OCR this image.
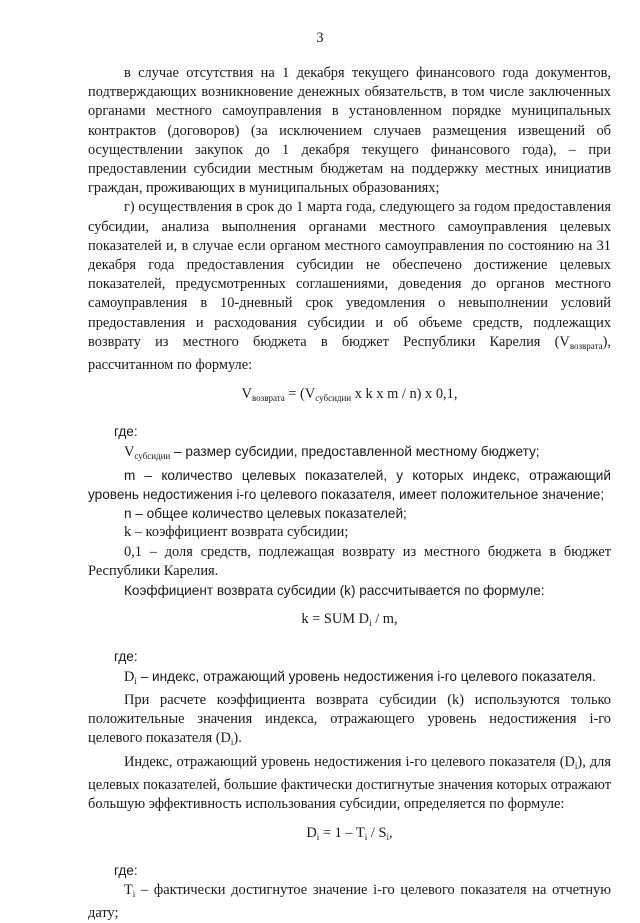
3

в случае отсутствия на 1 декабря текущего финансового года документов, подтверждающих возникновение денежных обязательств, в том числе заключенных органами местного самоуправления в установленном порядке муниципальных контрактов (договоров) (за исключением случаев размещения извещений об осуществлении закупок до 1 декабря текущего финансового года), – при предоставлении субсидии местным бюджетам на поддержку местных инициатив граждан, проживающих в муниципальных образованиях;

г) осуществления в срок до 1 марта года, следующего за годом предоставления субсидии, анализа выполнения органами местного самоуправления целевых показателей и, в случае если органом местного самоуправления по состоянию на 31 декабря года предоставления субсидии не обеспечено достижение целевых показателей, предусмотренных соглашениями, доведения до органов местного самоуправления в 10-дневный срок уведомления о невыполнении условий предоставления и расходования субсидии и об объеме средств, подлежащих возврату из местного бюджета в бюджет Республики Карелия $(V_{возврата})$, рассчитанном по формуле:

$V_{возврата} = (V_{субсидии}$ x k x m / n) x 0,1,

где:

$V_{субсидии}$ – размер субсидии, предоставленной местному бюджету;

m – количество целевых показателей, у которых индекс, отражающий уровень недостижения i-го целевого показателя, имеет положительное значение;

n – общее количество целевых показателей;

k – коэффициент возврата субсидии;

0,1 – доля средств, подлежащая возврату из местного бюджета в бюджет Республики Карелия.

Коэффициент возврата субсидии (k) рассчитывается по формуле:

k = SUM $D_i$ / m,

где:

$D_i$ – индекс, отражающий уровень недостижения i-го целевого показателя.

При расчете коэффициента возврата субсидии (k) используются только положительные значения индекса, отражающего уровень недостижения i-го целевого показателя $(D_i)$.

Индекс, отражающий уровень недостижения i-го целевого показателя $(D_i)$, для целевых показателей, большие фактически достигнутые значения которых отражают большую эффективность использования субсидии, определяется по формуле:

$D_i = 1 - T_i / S_i$,

где:

$T_i$ – фактически достигнутое значение i-го целевого показателя на отчетную дату;
